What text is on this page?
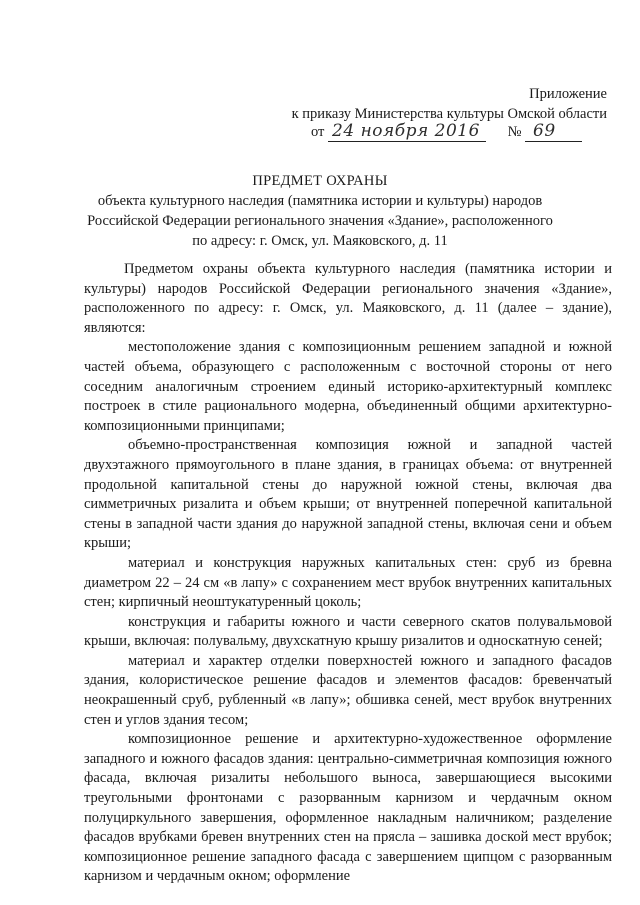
Приложение
к приказу Министерства культуры Омской области
от 24 ноября 2016 № 69
ПРЕДМЕТ ОХРАНЫ
объекта культурного наследия (памятника истории и культуры) народов
Российской Федерации регионального значения «Здание», расположенного
по адресу: г. Омск, ул. Маяковского, д. 11

Предметом охраны объекта культурного наследия (памятника истории и культуры) народов Российской Федерации регионального значения «Здание», расположенного по адресу: г. Омск, ул. Маяковского, д. 11 (далее – здание), являются:

местоположение здания с композиционным решением западной и южной частей объема, образующего с расположенным с восточной стороны от него соседним аналогичным строением единый историко-архитектурный комплекс построек в стиле рационального модерна, объединенный общими архитектурно-композиционными принципами;

объемно-пространственная композиция южной и западной частей двухэтажного прямоугольного в плане здания, в границах объема: от внутренней продольной капитальной стены до наружной южной стены, включая два симметричных ризалита и объем крыши; от внутренней поперечной капитальной стены в западной части здания до наружной западной стены, включая сени и объем крыши;

материал и конструкция наружных капитальных стен: сруб из бревна диаметром 22 – 24 см «в лапу» с сохранением мест врубок внутренних капитальных стен; кирпичный неоштукатуренный цоколь;

конструкция и габариты южного и части северного скатов полувальмовой крыши, включая: полувальму, двухскатную крышу ризалитов и односкатную сеней;

материал и характер отделки поверхностей южного и западного фасадов здания, колористическое решение фасадов и элементов фасадов: бревенчатый неокрашенный сруб, рубленный «в лапу»; обшивка сеней, мест врубок внутренних стен и углов здания тесом;

композиционное решение и архитектурно-художественное оформление западного и южного фасадов здания: центрально-симметричная композиция южного фасада, включая ризалиты небольшого выноса, завершающиеся высокими треугольными фронтонами с разорванным карнизом и чердачным окном полуциркульного завершения, оформленное накладным наличником; разделение фасадов врубками бревен внутренних стен на прясла – зашивка доской мест врубок; композиционное решение западного фасада с завершением щипцом с разорванным карнизом и чердачным окном; оформление
